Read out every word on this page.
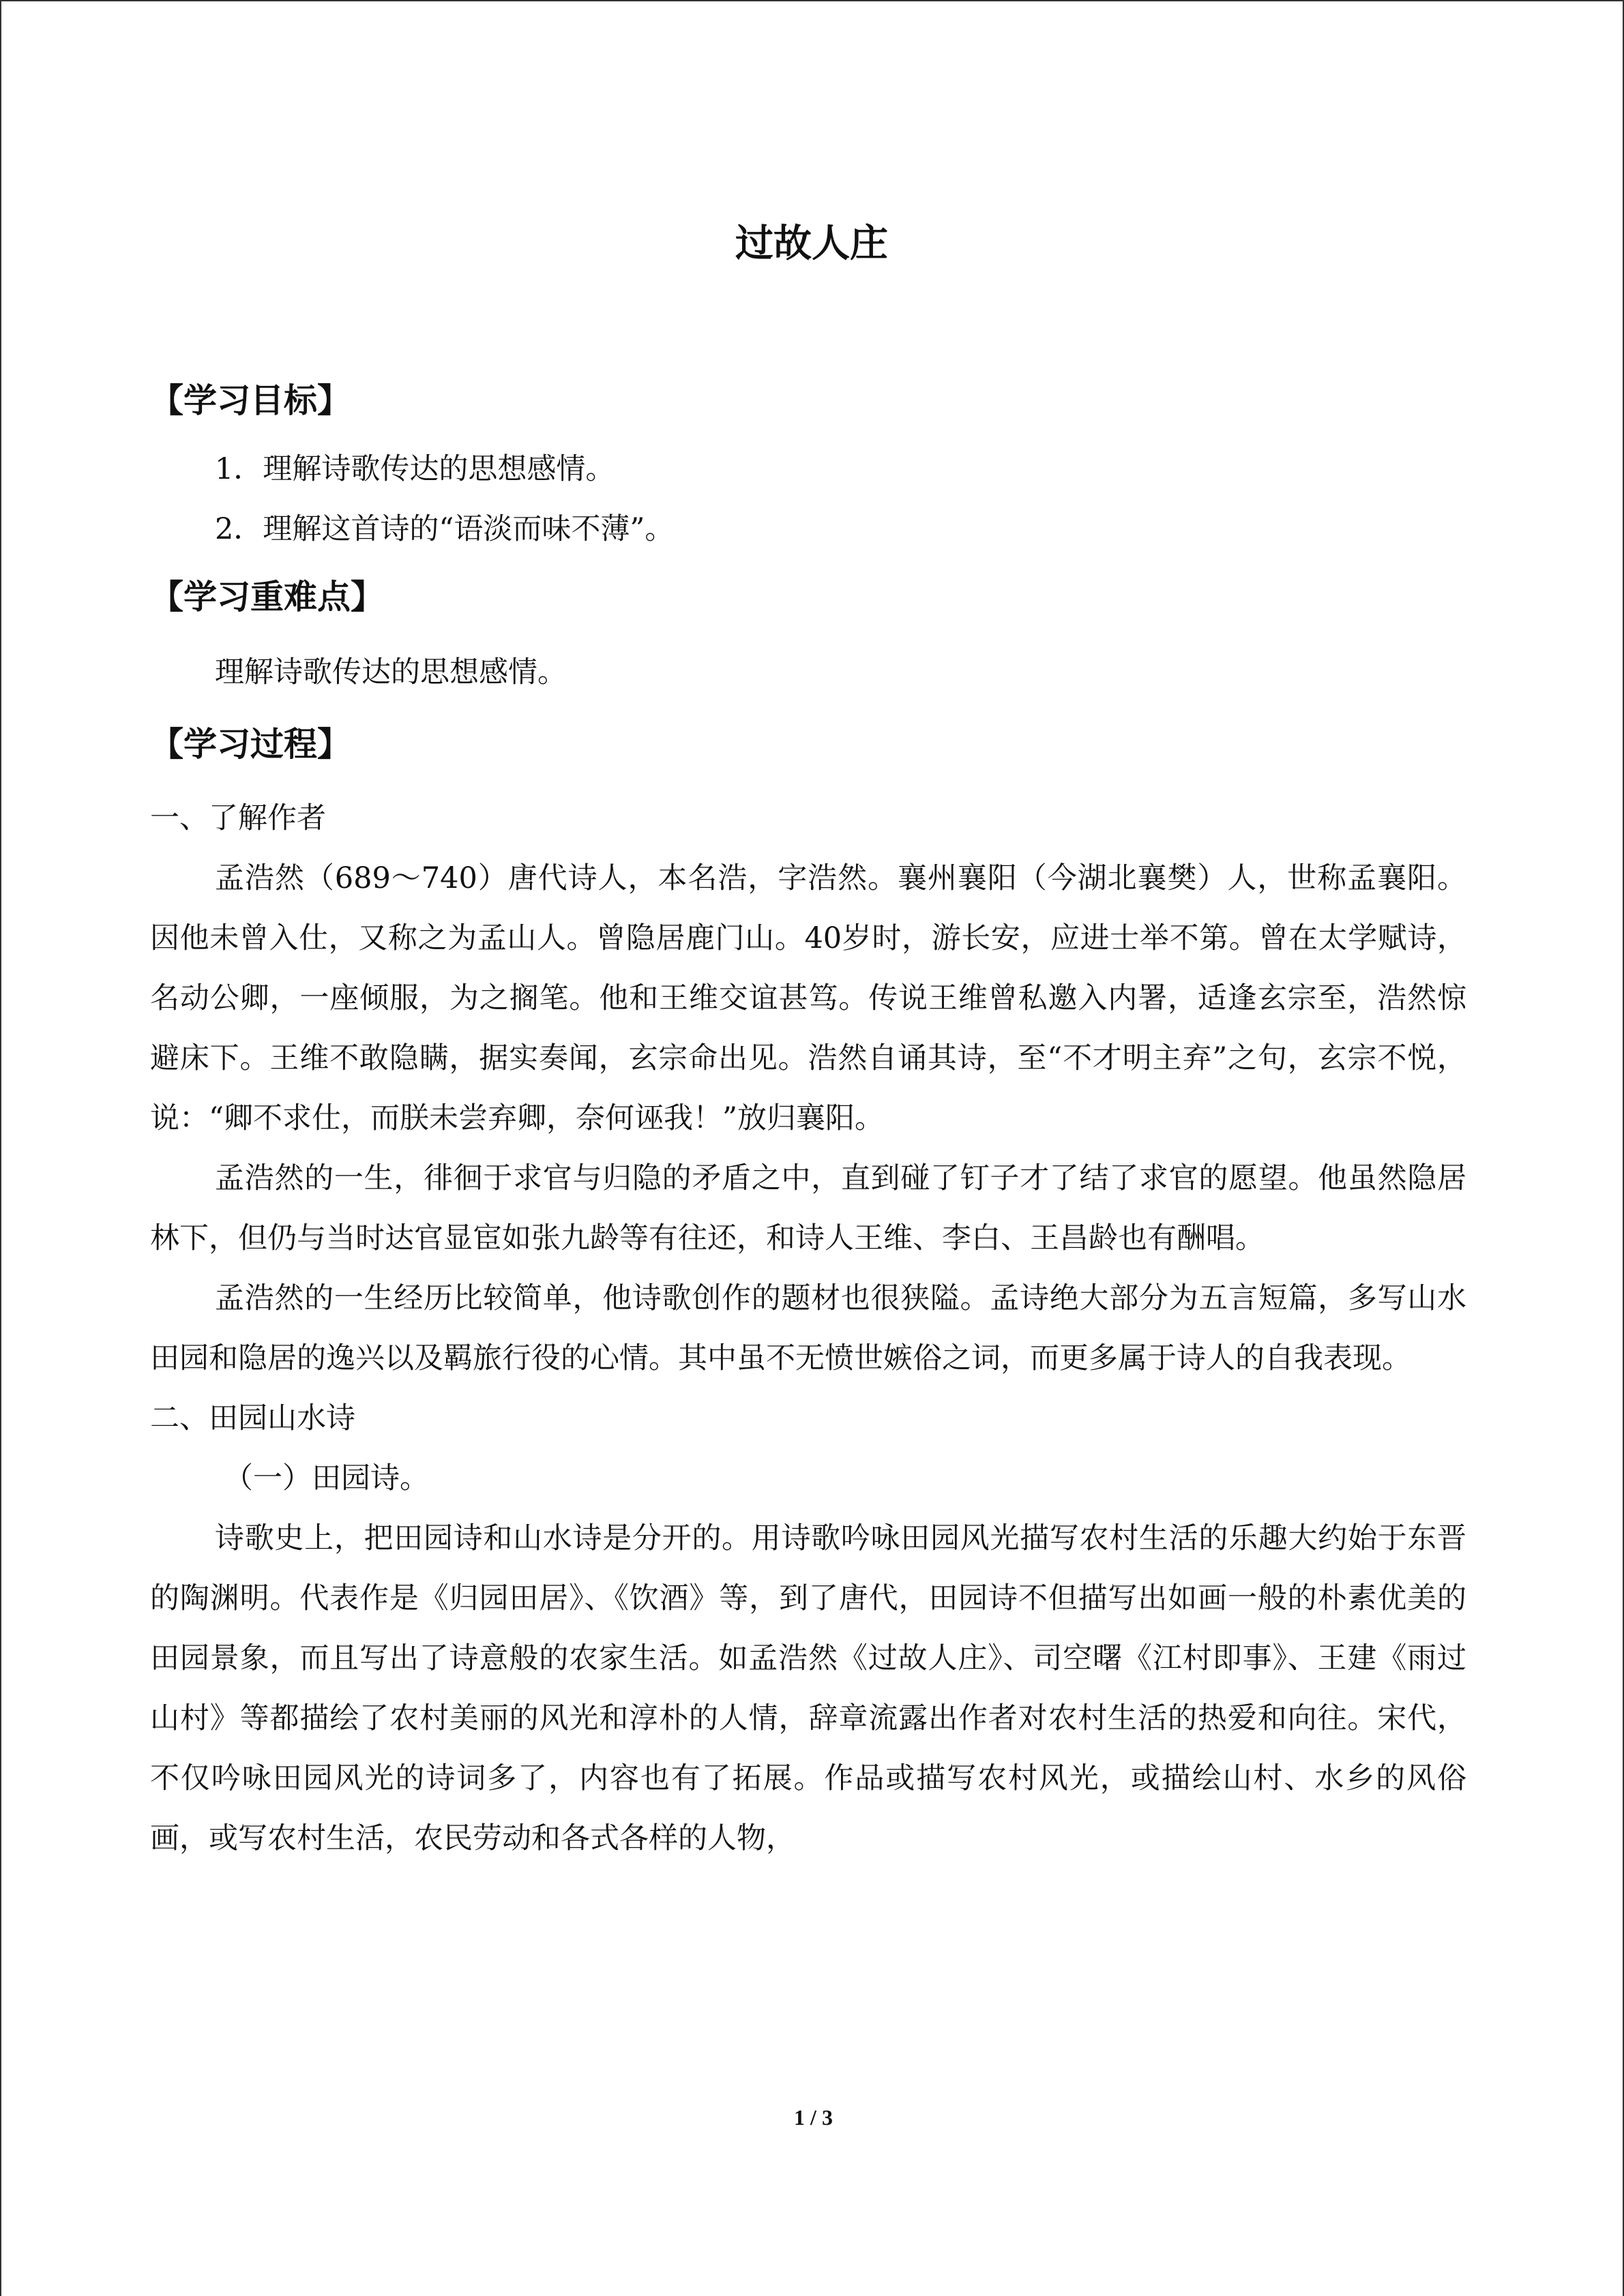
过故人庄
【学习目标】

1．理解诗歌传达的思想感情。

2．理解这首诗的“语淡而味不薄”。

【学习重难点】

理解诗歌传达的思想感情。

【学习过程】

一、了解作者

孟浩然（689～740）唐代诗人，本名浩，字浩然。襄州襄阳（今湖北襄樊）人，世称孟襄阳。因他未曾入仕，又称之为孟山人。曾隐居鹿门山。40岁时，游长安，应进士举不第。曾在太学赋诗，名动公卿，一座倾服，为之搁笔。他和王维交谊甚笃。传说王维曾私邀入内署，适逢玄宗至，浩然惊避床下。王维不敢隐瞒，据实奏闻，玄宗命出见。浩然自诵其诗，至“不才明主弃”之句，玄宗不悦，说：“卿不求仕，而朕未尝弃卿，奈何诬我！”放归襄阳。

孟浩然的一生，徘徊于求官与归隐的矛盾之中，直到碰了钉子才了结了求官的愿望。他虽然隐居林下，但仍与当时达官显宦如张九龄等有往还，和诗人王维、李白、王昌龄也有酬唱。

孟浩然的一生经历比较简单，他诗歌创作的题材也很狭隘。孟诗绝大部分为五言短篇，多写山水田园和隐居的逸兴以及羁旅行役的心情。其中虽不无愤世嫉俗之词，而更多属于诗人的自我表现。

二、田园山水诗

（一）田园诗。

诗歌史上，把田园诗和山水诗是分开的。用诗歌吟咏田园风光描写农村生活的乐趣大约始于东晋的陶渊明。代表作是《归园田居》、《饮酒》等，到了唐代，田园诗不但描写出如画一般的朴素优美的田园景象，而且写出了诗意般的农家生活。如孟浩然《过故人庄》、司空曙《江村即事》、王建《雨过山村》等都描绘了农村美丽的风光和淳朴的人情，辞章流露出作者对农村生活的热爱和向往。宋代，不仅吟咏田园风光的诗词多了，内容也有了拓展。作品或描写农村风光，或描绘山村、水乡的风俗画，或写农村生活，农民劳动和各式各样的人物，

1 / 3
